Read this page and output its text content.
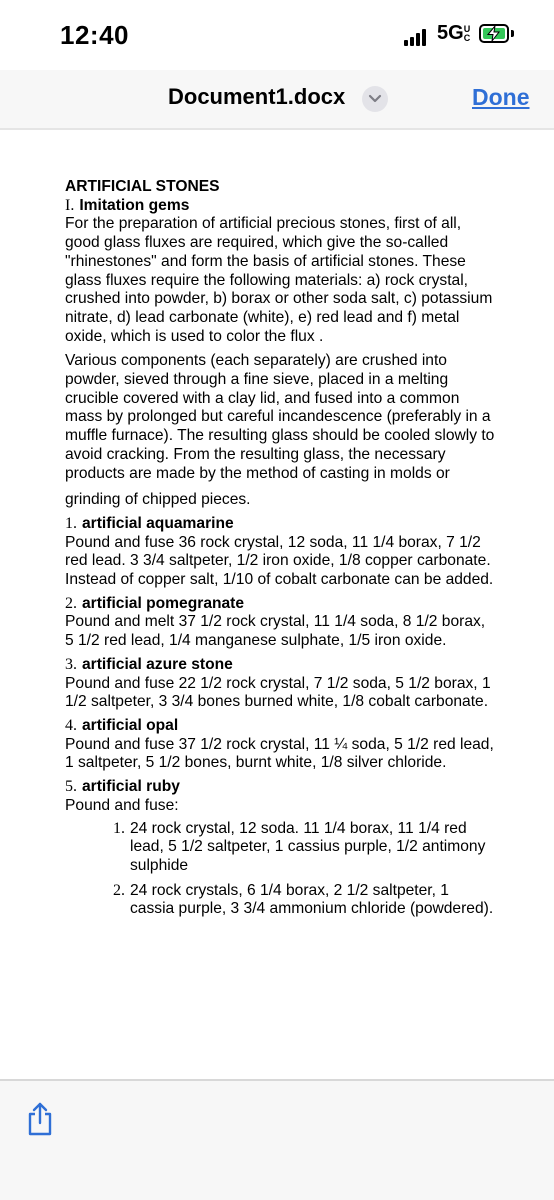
12:40	5GUC
Document1.docx	Done

ARTIFICIAL STONES

I. Imitation gems

For the preparation of artificial precious stones, first of all, good glass fluxes are required, which give the so-called "rhinestones" and form the basis of artificial stones. These glass fluxes require the following materials: a) rock crystal, crushed into powder, b) borax or other soda salt, c) potassium nitrate, d) lead carbonate (white), e) red lead and f) metal oxide, which is used to color the flux .

Various components (each separately) are crushed into powder, sieved through a fine sieve, placed in a melting crucible covered with a clay lid, and fused into a common mass by prolonged but careful incandescence (preferably in a muffle furnace). The resulting glass should be cooled slowly to avoid cracking. From the resulting glass, the necessary products are made by the method of casting in molds or

grinding of chipped pieces.

1. artificial aquamarine

Pound and fuse 36 rock crystal, 12 soda, 11 1/4 borax, 7 1/2 red lead. 3 3/4 saltpeter, 1/2 iron oxide, 1/8 copper carbonate. Instead of copper salt, 1/10 of cobalt carbonate can be added.

2. artificial pomegranate

Pound and melt 37 1/2 rock crystal, 11 1/4 soda, 8 1/2 borax, 5 1/2 red lead, 1/4 manganese sulphate, 1/5 iron oxide.

3. artificial azure stone

Pound and fuse 22 1/2 rock crystal, 7 1/2 soda, 5 1/2 borax, 1 1/2 saltpeter, 3 3/4 bones burned white, 1/8 cobalt carbonate.

4. artificial opal

Pound and fuse 37 1/2 rock crystal, 11 ¼ soda, 5 1/2 red lead, 1 saltpeter, 5 1/2 bones, burnt white, 1/8 silver chloride.

5. artificial ruby

Pound and fuse:

1. 24 rock crystal, 12 soda. 11 1/4 borax, 11 1/4 red lead, 5 1/2 saltpeter, 1 cassius purple, 1/2 antimony sulphide
2. 24 rock crystals, 6 1/4 borax, 2 1/2 saltpeter, 1 cassia purple, 3 3/4 ammonium chloride (powdered).
